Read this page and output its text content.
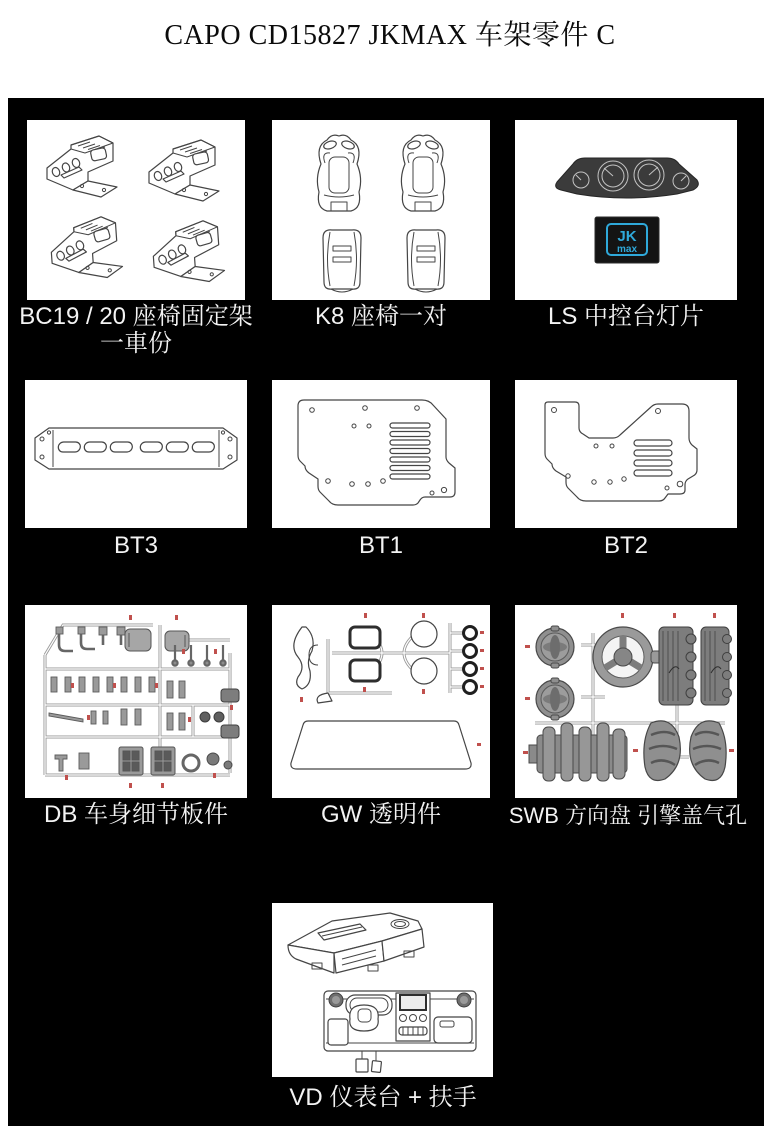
CAPO CD15827 JKMAX 车架零件 C
JK
max
BC19 / 20 座椅固定架
一車份
K8 座椅一对	LS 中控台灯片
BT3	BT1	BT2
DB 车身细节板件	GW 透明件	SWB 方向盘 引擎盖气孔
VD 仪表台 + 扶手
